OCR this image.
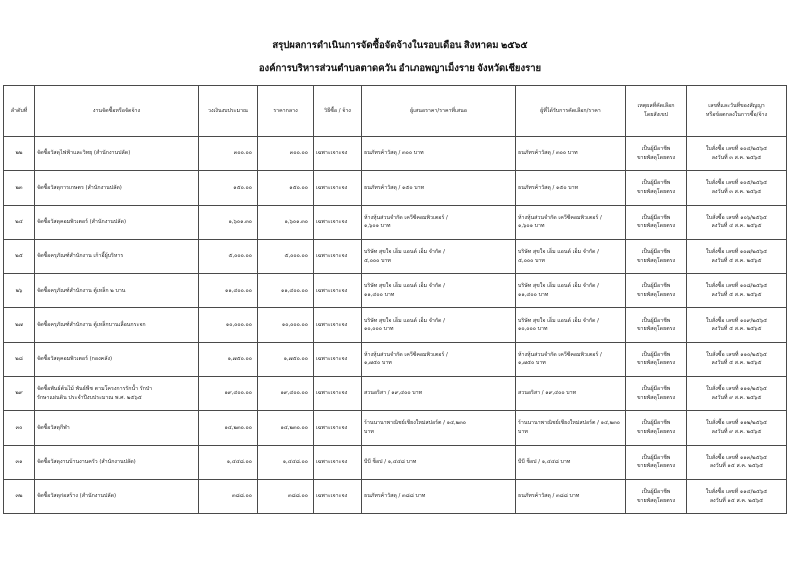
สรุปผลการดำเนินการจัดซื้อจัดจ้างในรอบเดือน สิงหาคม ๒๕๖๕
องค์การบริหารส่วนตำบลตาดควัน อำเภอพญาเม็งราย จังหวัดเชียงราย
ลำดับที่	งานจัดซื้อหรือจัดจ้าง	วงเงินงบประมาณ	ราคากลาง	วิธีซื้อ / จ้าง	ผู้เสนอราคา/ราคาที่เสนอ	ผู้ที่ได้รับการคัดเลือก/ราคา	เหตุผลที่คัดเลือก
โดยสังเขป	เลขที่และวันที่ของสัญญา
หรือข้อตกลงในการซื้อ/จ้าง

๒๒	จัดซื้อวัสดุไฟฟ้าและวิทยุ (สำนักงานปลัด)	๓๐๐.๐๐	๓๐๐.๐๐	เฉพาะเจาะจง	ธนภัทรค้าวัสดุ / ๓๐๐ บาท	ธนภัทรค้าวัสดุ / ๓๐๐ บาท	เป็นผู้มีอาชีพ
ขายพัสดุโดยตรง	ใบสั่งซื้อ เลขที่ ๑๐๔/๒๕๖๕
ลงวันที่ ๓ ส.ค. ๒๕๖๕

๒๓	จัดซื้อวัสดุการเกษตร (สำนักงานปลัด)	๑๕๐.๐๐	๑๕๐.๐๐	เฉพาะเจาะจง	ธนภัทรค้าวัสดุ / ๑๕๐ บาท	ธนภัทรค้าวัสดุ / ๑๕๐ บาท	เป็นผู้มีอาชีพ
ขายพัสดุโดยตรง	ใบสั่งซื้อ เลขที่ ๑๐๕/๒๕๖๕
ลงวันที่ ๓ ส.ค. ๒๕๖๕

๒๔	จัดซื้อวัสดุคอมพิวเตอร์ (สำนักงานปลัด)	๑,๖๐๑.๓๐	๑,๖๐๑.๓๐	เฉพาะเจาะจง	ห้างหุ้นส่วนจำกัด เควีซีคอมพิวเตอร์ /
๑,๖๐๑ บาท	ห้างหุ้นส่วนจำกัด เควีซีคอมพิวเตอร์ /
๑,๖๐๑ บาท	เป็นผู้มีอาชีพ
ขายพัสดุโดยตรง	ใบสั่งซื้อ เลขที่ ๑๐๖/๒๕๖๕
ลงวันที่ ๔ ส.ค. ๒๕๖๕

๒๕	จัดซื้อครุภัณฑ์สำนักงาน เก้าอี้ผู้บริหาร	๕,๐๐๐.๐๐	๕,๐๐๐.๐๐	เฉพาะเจาะจง	บริษัท สุขใจ เอ็ม แอนด์ เอ็ม จำกัด /
๕,๐๐๐ บาท	บริษัท สุขใจ เอ็ม แอนด์ เอ็ม จำกัด /
๕,๐๐๐ บาท	เป็นผู้มีอาชีพ
ขายพัสดุโดยตรง	ใบสั่งซื้อ เลขที่ ๑๐๗/๒๕๖๕
ลงวันที่ ๕ ส.ค. ๒๕๖๕

๒๖	จัดซื้อครุภัณฑ์สำนักงาน ตู้เหล็ก ๒ บาน	๑๑,๔๐๐.๐๐	๑๑,๔๐๐.๐๐	เฉพาะเจาะจง	บริษัท สุขใจ เอ็ม แอนด์ เอ็ม จำกัด /
๑๑,๔๐๐ บาท	บริษัท สุขใจ เอ็ม แอนด์ เอ็ม จำกัด /
๑๑,๔๐๐ บาท	เป็นผู้มีอาชีพ
ขายพัสดุโดยตรง	ใบสั่งซื้อ เลขที่ ๑๐๘/๒๕๖๕
ลงวันที่ ๕ ส.ค. ๒๕๖๕

๒๗	จัดซื้อครุภัณฑ์สำนักงาน ตู้เหล็กบานเลื่อนกระจก	๑๐,๐๐๐.๐๐	๑๐,๐๐๐.๐๐	เฉพาะเจาะจง	บริษัท สุขใจ เอ็ม แอนด์ เอ็ม จำกัด /
๑๐,๐๐๐ บาท	บริษัท สุขใจ เอ็ม แอนด์ เอ็ม จำกัด /
๑๐,๐๐๐ บาท	เป็นผู้มีอาชีพ
ขายพัสดุโดยตรง	ใบสั่งซื้อ เลขที่ ๑๐๙/๒๕๖๕
ลงวันที่ ๕ ส.ค. ๒๕๖๕

๒๘	จัดซื้อวัสดุคอมพิวเตอร์ (กองคลัง)	๑,๗๕๐.๐๐	๑,๗๕๐.๐๐	เฉพาะเจาะจง	ห้างหุ้นส่วนจำกัด เควีซีคอมพิวเตอร์ /
๑,๗๕๐ บาท	ห้างหุ้นส่วนจำกัด เควีซีคอมพิวเตอร์ /
๑,๗๕๐ บาท	เป็นผู้มีอาชีพ
ขายพัสดุโดยตรง	ใบสั่งซื้อ เลขที่ ๑๑๐/๒๕๖๕
ลงวันที่ ๕ ส.ค. ๒๕๖๕

๒๙	จัดซื้อพันธ์ต้นไม้ พันธ์พืช ตามโครงการรักน้ำ รักป่า
รักษาแผ่นดิน ประจำปีงบประมาณ พ.ศ. ๒๕๖๕	๑๙,๔๐๐.๐๐	๑๙,๔๐๐.๐๐	เฉพาะเจาะจง	สวนอริสา / ๑๙,๔๐๐ บาท	สวนอริสา / ๑๙,๔๐๐ บาท	เป็นผู้มีอาชีพ
ขายพัสดุโดยตรง	ใบสั่งซื้อ เลขที่ ๑๑๑/๒๕๖๕
ลงวันที่ ๙ ส.ค. ๒๕๖๕

๓๐	จัดซื้อวัสดุกีฬา	๑๔,๒๓๐.๐๐	๑๔,๒๓๐.๐๐	เฉพาะเจาะจง	ร้านนานาพาณิชย์เชียงใหม่สปอร์ต / ๑๔,๒๓๐
บาท	ร้านนานาพาณิชย์เชียงใหม่สปอร์ต / ๑๔,๒๓๐
บาท	เป็นผู้มีอาชีพ
ขายพัสดุโดยตรง	ใบสั่งซื้อ เลขที่ ๑๑๒/๒๕๖๕
ลงวันที่ ๙ ส.ค. ๒๕๖๕

๓๑	จัดซื้อวัสดุงานบ้านงานครัว (สำนักงานปลัด)	๑,๔๔๘.๐๐	๑,๔๔๘.๐๐	เฉพาะเจาะจง	บีบี ช็อป / ๑,๔๔๘ บาท	บีบี ช็อป / ๑,๔๔๘ บาท	เป็นผู้มีอาชีพ
ขายพัสดุโดยตรง	ใบสั่งซื้อ เลขที่ ๑๑๓/๒๕๖๕
ลงวันที่ ๑๕ ส.ค. ๒๕๖๕

๓๒	จัดซื้อวัสดุก่อสร้าง (สำนักงานปลัด)	๓๘๘.๐๐	๓๘๘.๐๐	เฉพาะเจาะจง	ธนภัทรค้าวัสดุ / ๓๘๘ บาท	ธนภัทรค้าวัสดุ / ๓๘๘ บาท	เป็นผู้มีอาชีพ
ขายพัสดุโดยตรง	ใบสั่งซื้อ เลขที่ ๑๑๔/๒๕๖๕
ลงวันที่ ๑๕ ส.ค. ๒๕๖๕
